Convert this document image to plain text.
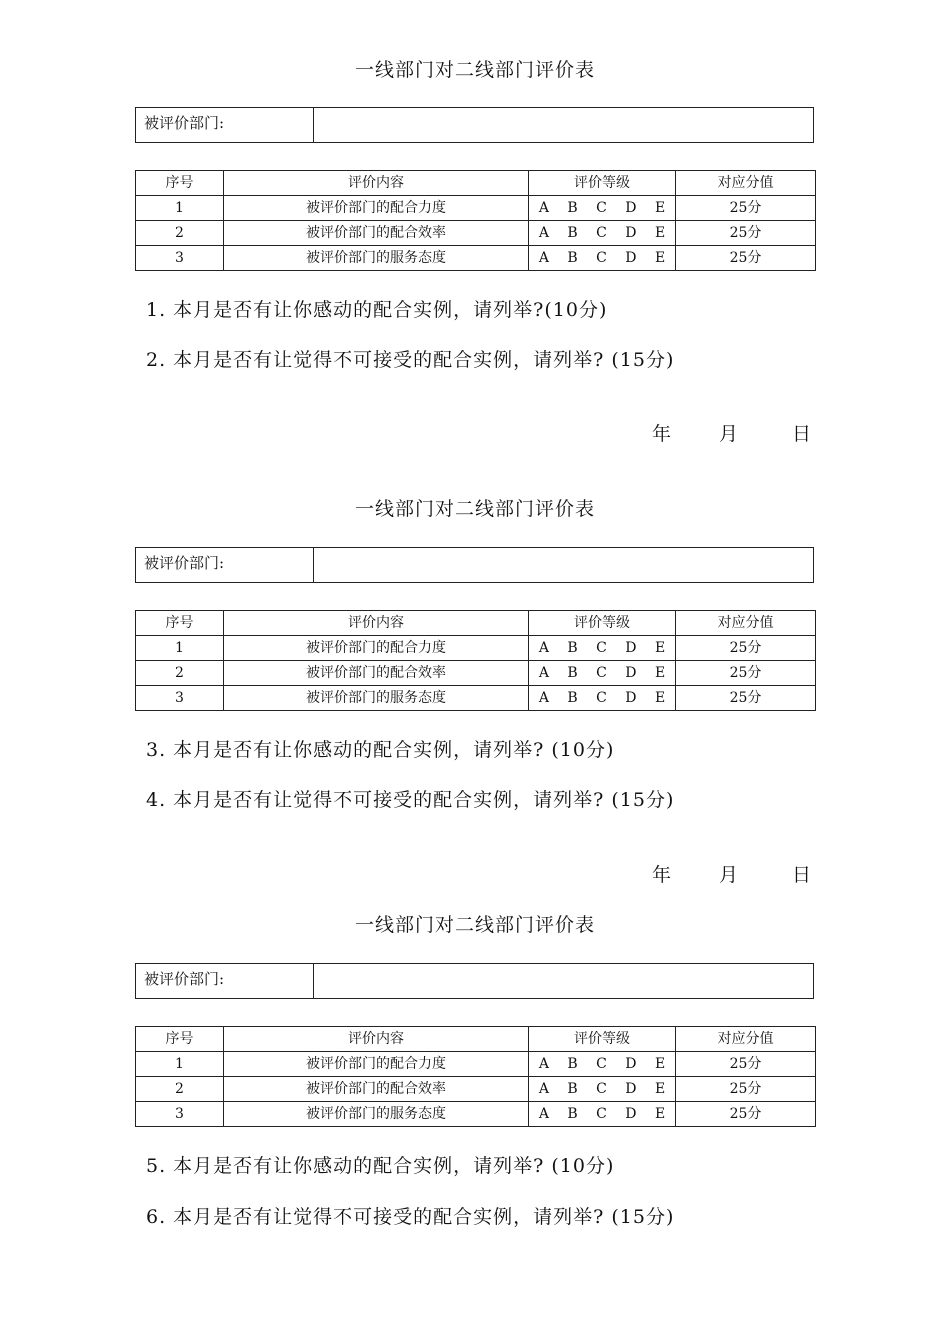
一线部门对二线部门评价表
被评价部门:
序号	评价内容	评价等级	对应分值
1	被评价部门的配合力度	A B C D E	25分
2	被评价部门的配合效率	A B C D E	25分
3	被评价部门的服务态度	A B C D E	25分
1. 本月是否有让你感动的配合实例，请列举?(10分)
2. 本月是否有让觉得不可接受的配合实例，请列举? (15分)
年	月	日
一线部门对二线部门评价表
被评价部门:
序号	评价内容	评价等级	对应分值
1	被评价部门的配合力度	A B C D E	25分
2	被评价部门的配合效率	A B C D E	25分
3	被评价部门的服务态度	A B C D E	25分
3. 本月是否有让你感动的配合实例，请列举? (10分)
4. 本月是否有让觉得不可接受的配合实例，请列举? (15分)
年	月	日
一线部门对二线部门评价表
被评价部门:
序号	评价内容	评价等级	对应分值
1	被评价部门的配合力度	A B C D E	25分
2	被评价部门的配合效率	A B C D E	25分
3	被评价部门的服务态度	A B C D E	25分
5. 本月是否有让你感动的配合实例，请列举? (10分)
6. 本月是否有让觉得不可接受的配合实例，请列举? (15分)
